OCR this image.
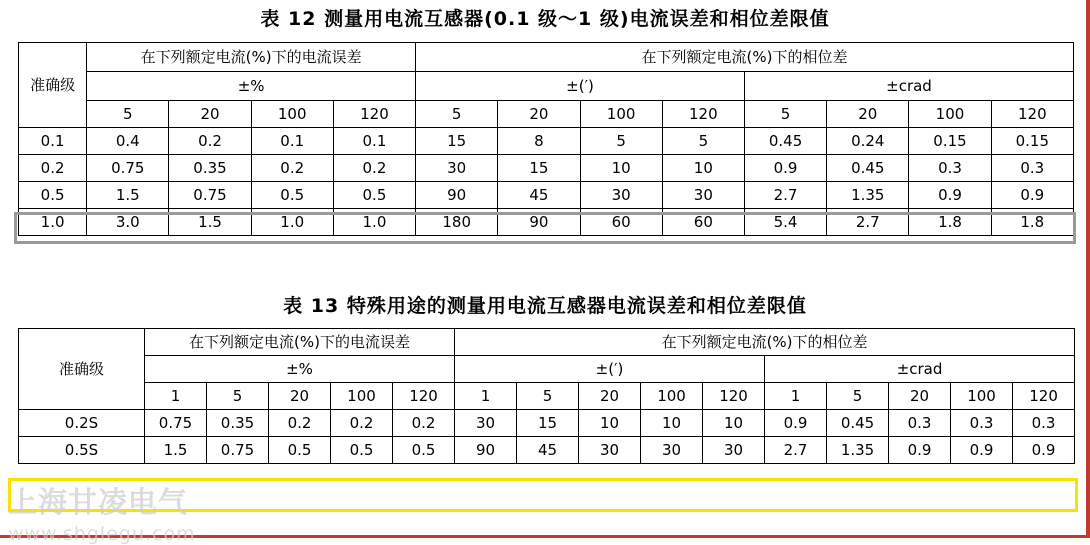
表 12 测量用电流互感器(0.1 级～1 级)电流误差和相位差限值
准确级	在下列额定电流(%)下的电流误差				在下列额定电流(%)下的相位差							
	±%				±(′)				±crad			
	5	20	100	120	5	20	100	120	5	20	100	120
0.1	0.4	0.2	0.1	0.1	15	8	5	5	0.45	0.24	0.15	0.15
0.2	0.75	0.35	0.2	0.2	30	15	10	10	0.9	0.45	0.3	0.3
0.5	1.5	0.75	0.5	0.5	90	45	30	30	2.7	1.35	0.9	0.9
1.0	3.0	1.5	1.0	1.0	180	90	60	60	5.4	2.7	1.8	1.8
表 13 特殊用途的测量用电流互感器电流误差和相位差限值
准确级	在下列额定电流(%)下的电流误差					在下列额定电流(%)下的相位差									
	±%					±(′)					±crad				
	1	5	20	100	120	1	5	20	100	120	1	5	20	100	120
0.2S	0.75	0.35	0.2	0.2	0.2	30	15	10	10	10	0.9	0.45	0.3	0.3	0.3
0.5S	1.5	0.75	0.5	0.5	0.5	90	45	30	30	30	2.7	1.35	0.9	0.9	0.9
上海甘凌电气
www.shglegu.com
